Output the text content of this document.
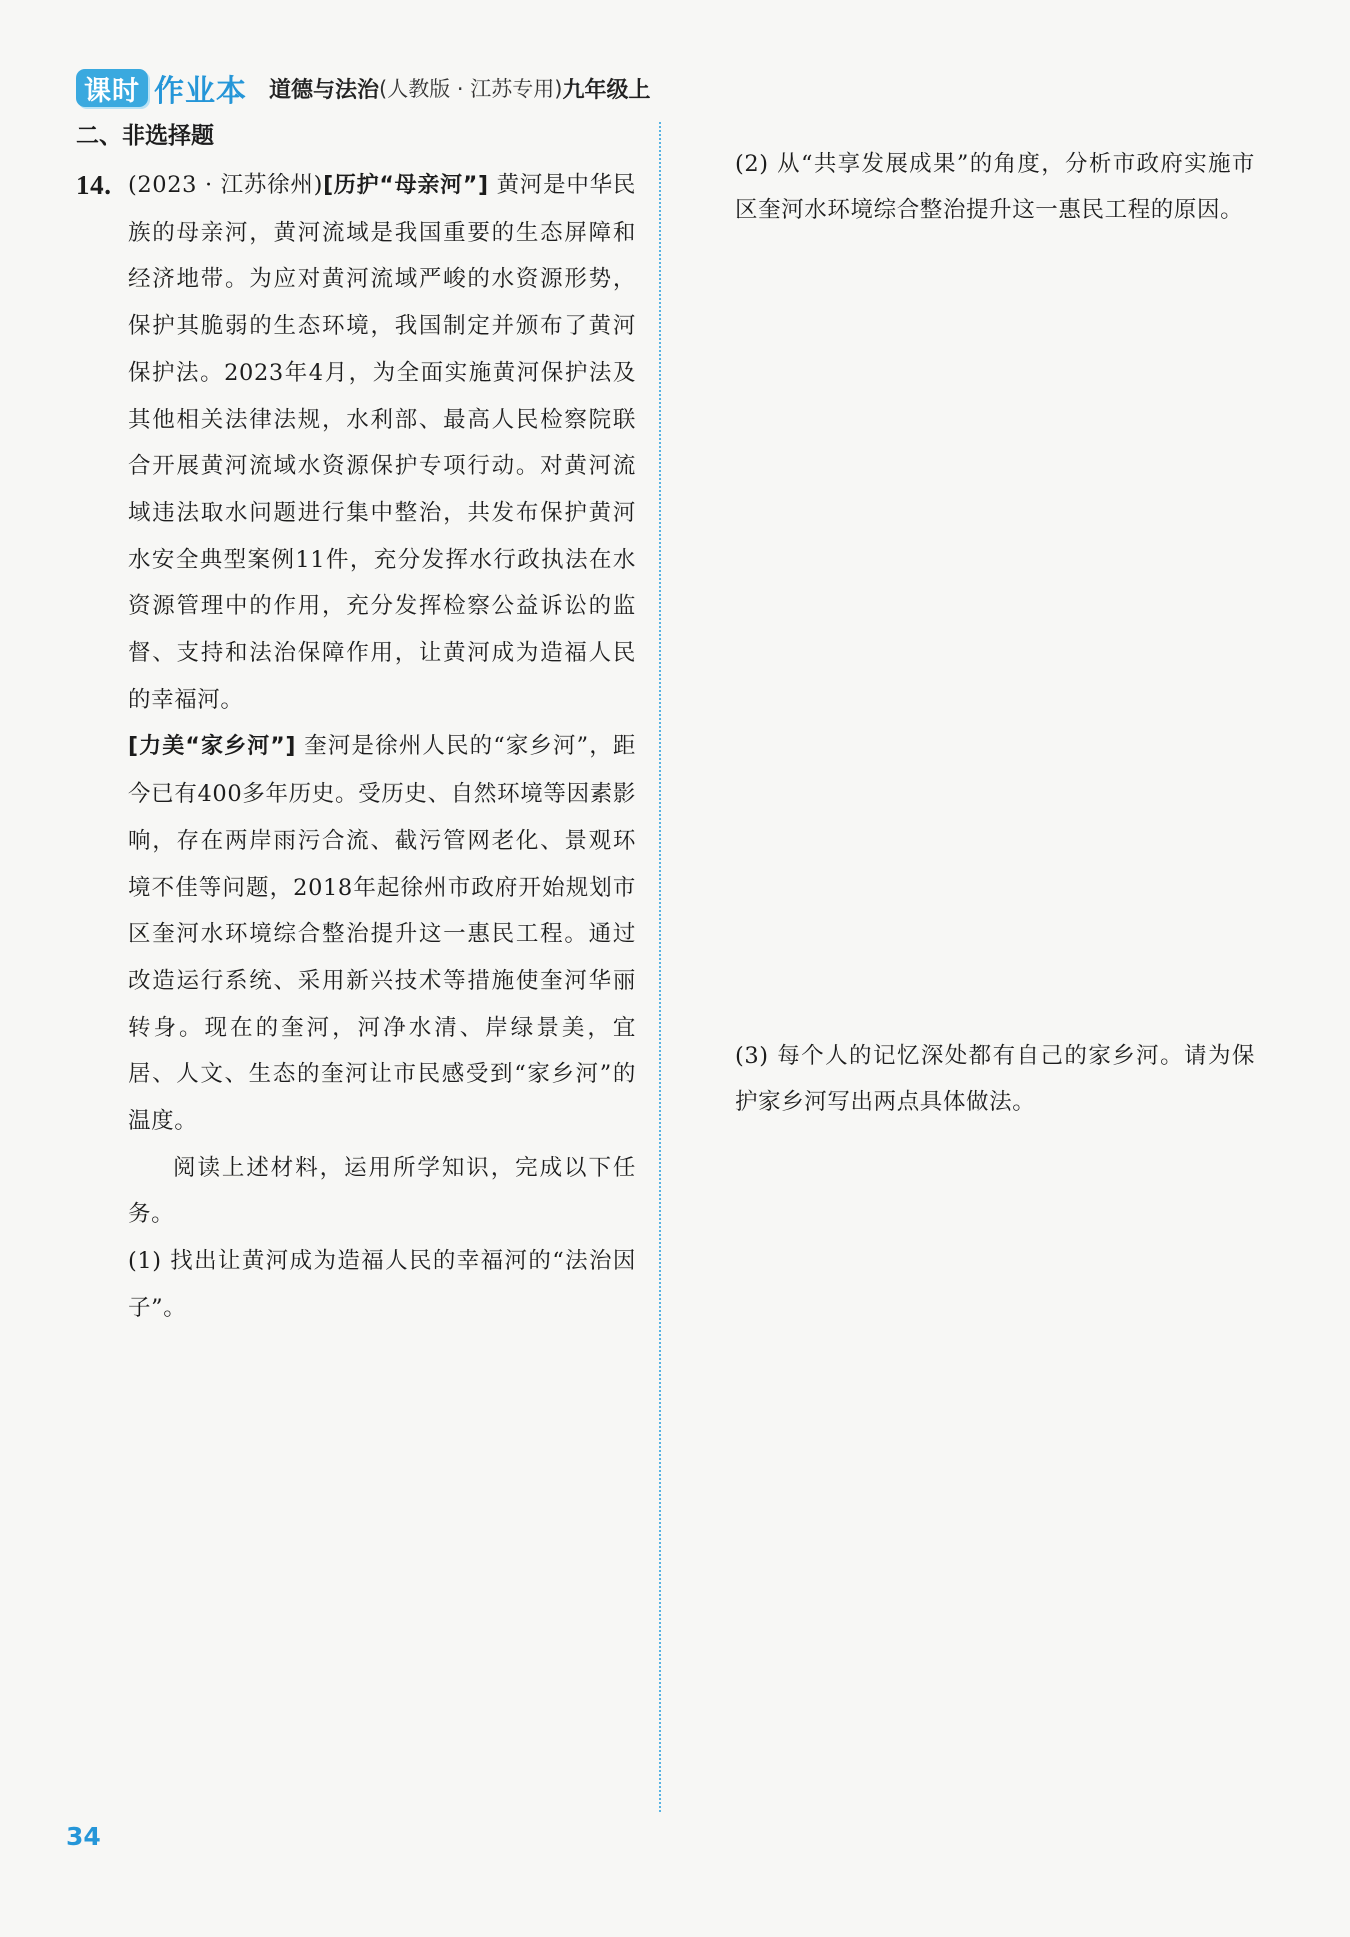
课时 作业本 道德与法治 (人教版 · 江苏专用) 九年级上
二、非选择题
14. (2023 · 江苏徐州)[历护“母亲河”] 黄河是中华民族的母亲河，黄河流域是我国重要的生态屏障和经济地带。为应对黄河流域严峻的水资源形势，保护其脆弱的生态环境，我国制定并颁布了黄河保护法。2023年4月，为全面实施黄河保护法及其他相关法律法规，水利部、最高人民检察院联合开展黄河流域水资源保护专项行动。对黄河流域违法取水问题进行集中整治，共发布保护黄河水安全典型案例11件，充分发挥水行政执法在水资源管理中的作用，充分发挥检察公益诉讼的监督、支持和法治保障作用，让黄河成为造福人民的幸福河。

[力美“家乡河”] 奎河是徐州人民的“家乡河”，距今已有400多年历史。受历史、自然环境等因素影响，存在两岸雨污合流、截污管网老化、景观环境不佳等问题，2018年起徐州市政府开始规划市区奎河水环境综合整治提升这一惠民工程。通过改造运行系统、采用新兴技术等措施使奎河华丽转身。现在的奎河，河净水清、岸绿景美，宜居、人文、生态的奎河让市民感受到“家乡河”的温度。

阅读上述材料，运用所学知识，完成以下任务。

(1) 找出让黄河成为造福人民的幸福河的“法治因子”。

(2) 从“共享发展成果”的角度，分析市政府实施市区奎河水环境综合整治提升这一惠民工程的原因。

(3) 每个人的记忆深处都有自己的家乡河。请为保护家乡河写出两点具体做法。

34
